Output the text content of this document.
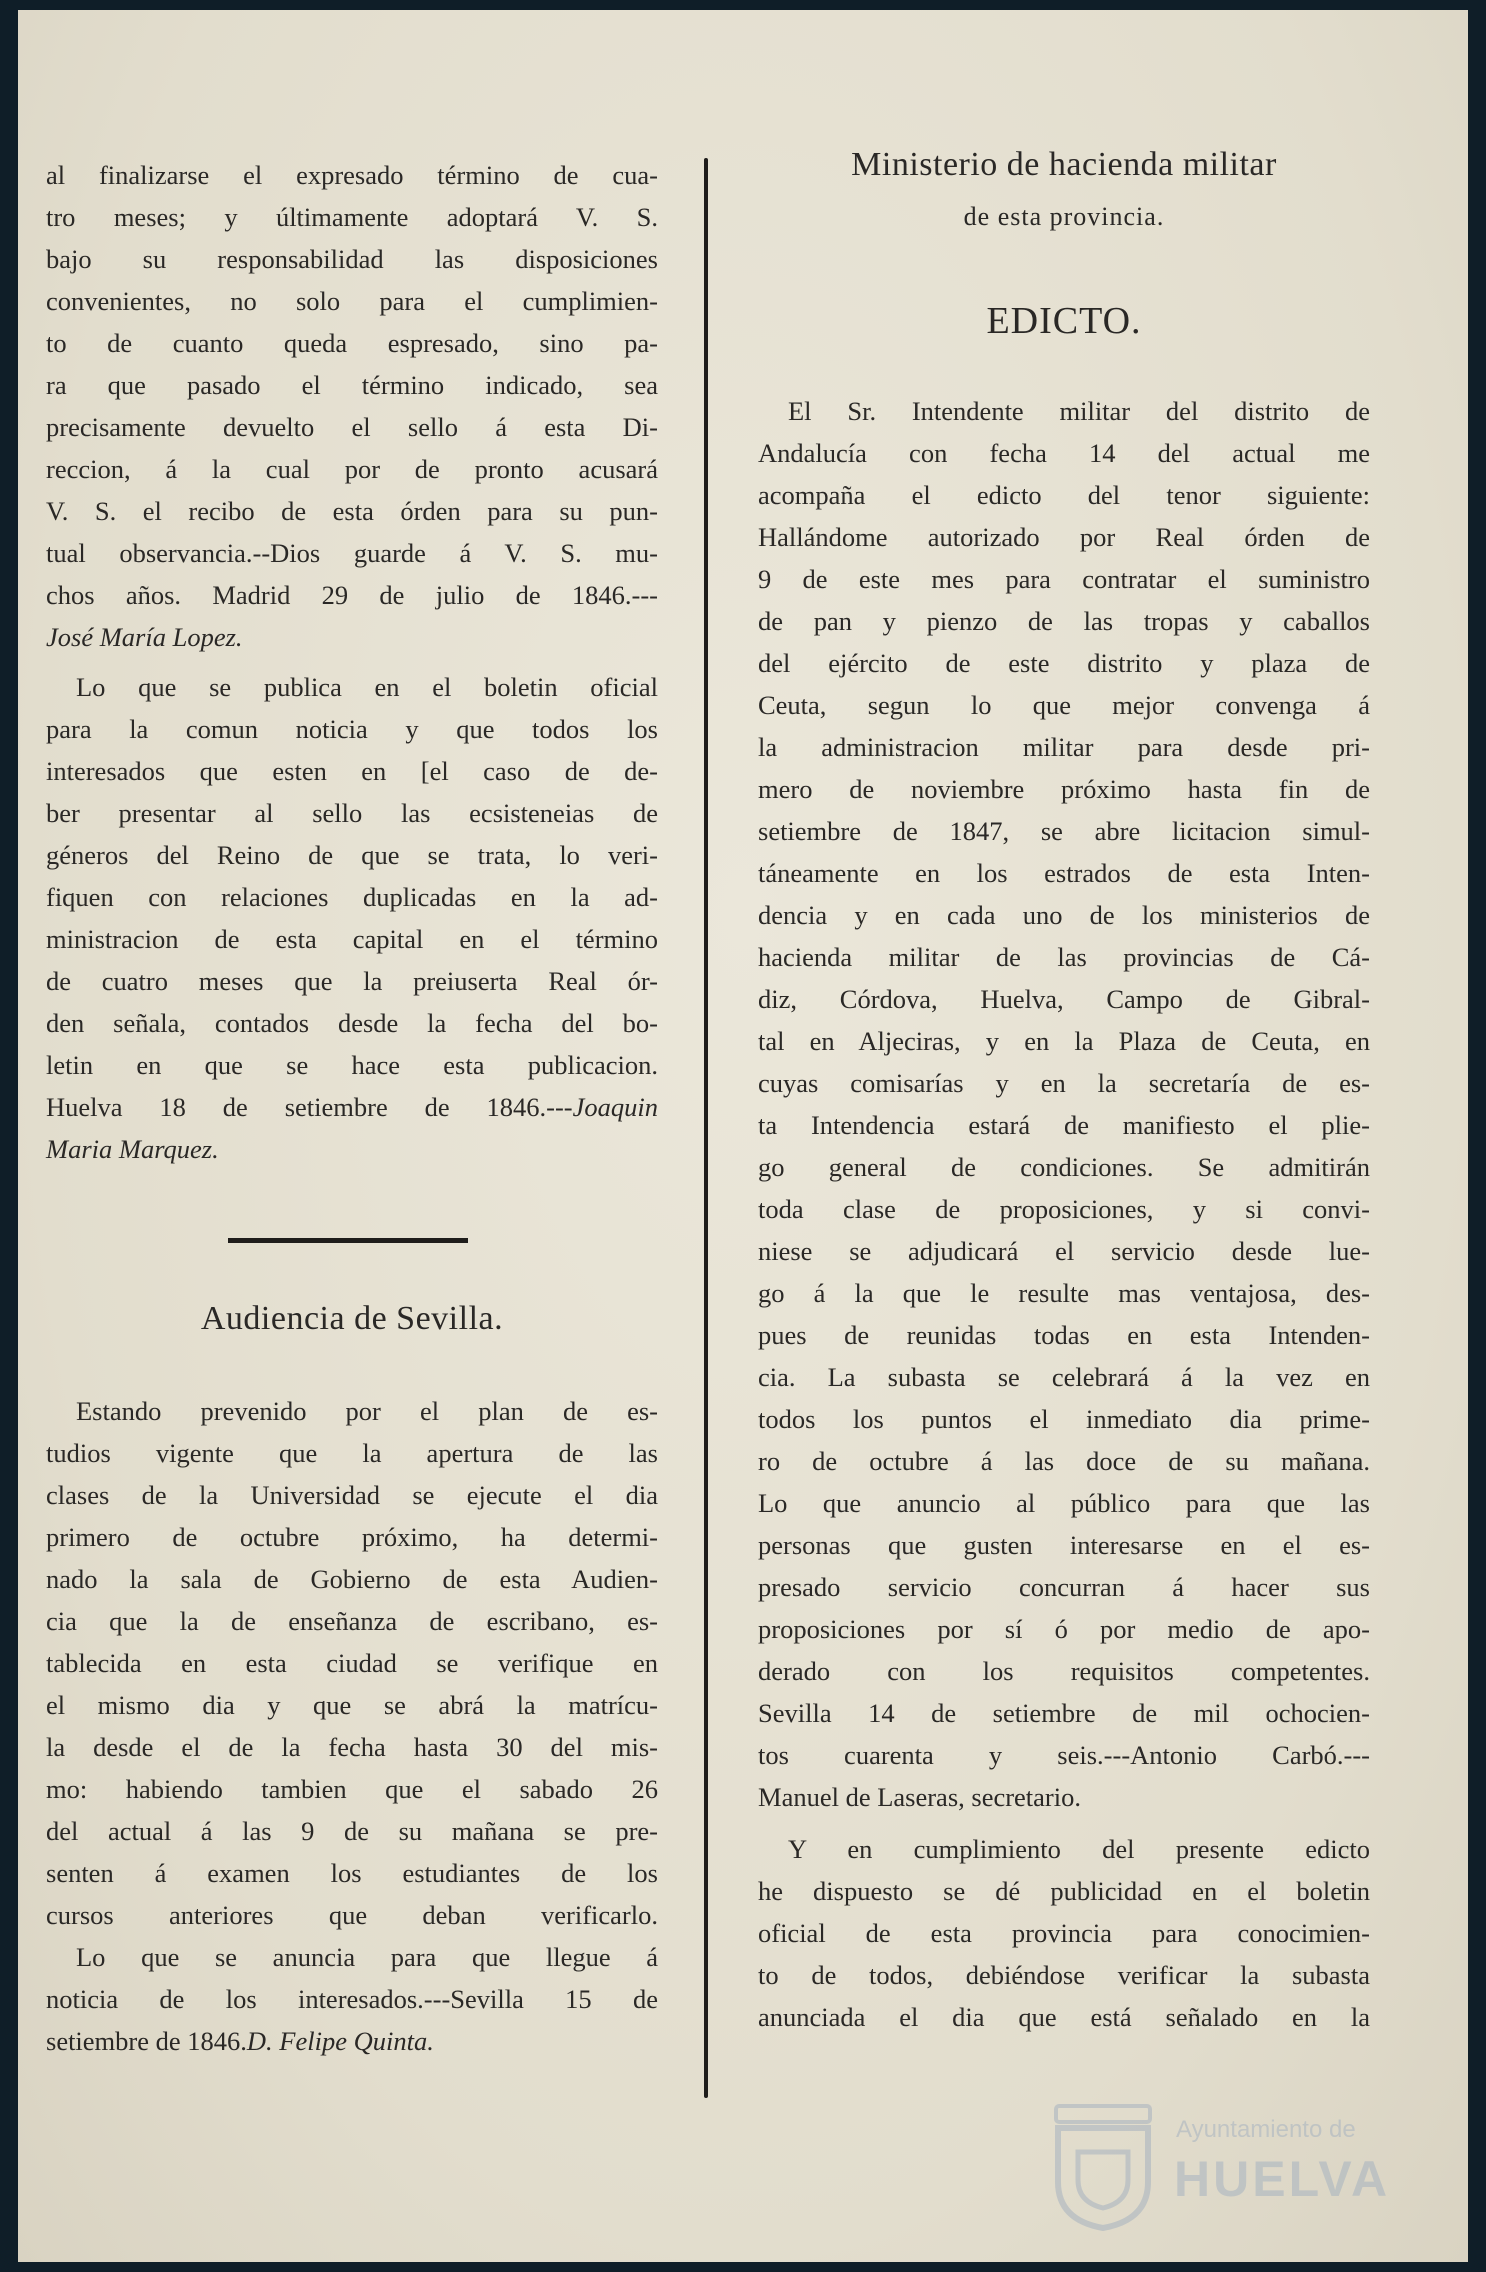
al finalizarse el expresado término de cua-
tro meses; y últimamente adoptará V. S.
bajo su responsabilidad las disposiciones
convenientes, no solo para el cumplimien-
to de cuanto queda espresado, sino pa-
ra que pasado el término indicado, sea
precisamente devuelto el sello á esta Di-
reccion, á la cual por de pronto acusará
V. S. el recibo de esta órden para su pun-
tual observancia.--Dios guarde á V. S. mu-
chos años. Madrid 29 de julio de 1846.---
José María Lopez.
Lo que se publica en el boletin oficial
para la comun noticia y que todos los
interesados que esten en [el caso de de-
ber presentar al sello las ecsisteneias de
géneros del Reino de que se trata, lo veri-
fiquen con relaciones duplicadas en la ad-
ministracion de esta capital en el término
de cuatro meses que la preiuserta Real ór-
den señala, contados desde la fecha del bo-
letin en que se hace esta publicacion.
Huelva 18 de setiembre de 1846.---Joaquin
Maria Marquez.
Audiencia de Sevilla.
Estando prevenido por el plan de es-
tudios vigente que la apertura de las
clases de la Universidad se ejecute el dia
primero de octubre próximo, ha determi-
nado la sala de Gobierno de esta Audien-
cia que la de enseñanza de escribano, es-
tablecida en esta ciudad se verifique en
el mismo dia y que se abrá la matrícu-
la desde el de la fecha hasta 30 del mis-
mo: habiendo tambien que el sabado 26
del actual á las 9 de su mañana se pre-
senten á examen los estudiantes de los
cursos anteriores que deban verificarlo.
Lo que se anuncia para que llegue á
noticia de los interesados.---Sevilla 15 de
setiembre de 1846.D. Felipe Quinta.
Ministerio de hacienda militar
de esta provincia.
EDICTO.
El Sr. Intendente militar del distrito de
Andalucía con fecha 14 del actual me
acompaña el edicto del tenor siguiente:
Hallándome autorizado por Real órden de
9 de este mes para contratar el suministro
de pan y pienzo de las tropas y caballos
del ejército de este distrito y plaza de
Ceuta, segun lo que mejor convenga á
la administracion militar para desde pri-
mero de noviembre próximo hasta fin de
setiembre de 1847, se abre licitacion simul-
táneamente en los estrados de esta Inten-
dencia y en cada uno de los ministerios de
hacienda militar de las provincias de Cá-
diz, Córdova, Huelva, Campo de Gibral-
tal en Aljeciras, y en la Plaza de Ceuta, en
cuyas comisarías y en la secretaría de es-
ta Intendencia estará de manifiesto el plie-
go general de condiciones. Se admitirán
toda clase de proposiciones, y si convi-
niese se adjudicará el servicio desde lue-
go á la que le resulte mas ventajosa, des-
pues de reunidas todas en esta Intenden-
cia. La subasta se celebrará á la vez en
todos los puntos el inmediato dia prime-
ro de octubre á las doce de su mañana.
Lo que anuncio al público para que las
personas que gusten interesarse en el es-
presado servicio concurran á hacer sus
proposiciones por sí ó por medio de apo-
derado con los requisitos competentes.
Sevilla 14 de setiembre de mil ochocien-
tos cuarenta y seis.---Antonio Carbó.---
Manuel de Laseras, secretario.
Y en cumplimiento del presente edicto
he dispuesto se dé publicidad en el boletin
oficial de esta provincia para conocimien-
to de todos, debiéndose verificar la subasta
anunciada el dia que está señalado en la
Ayuntamiento de
HUELVA
